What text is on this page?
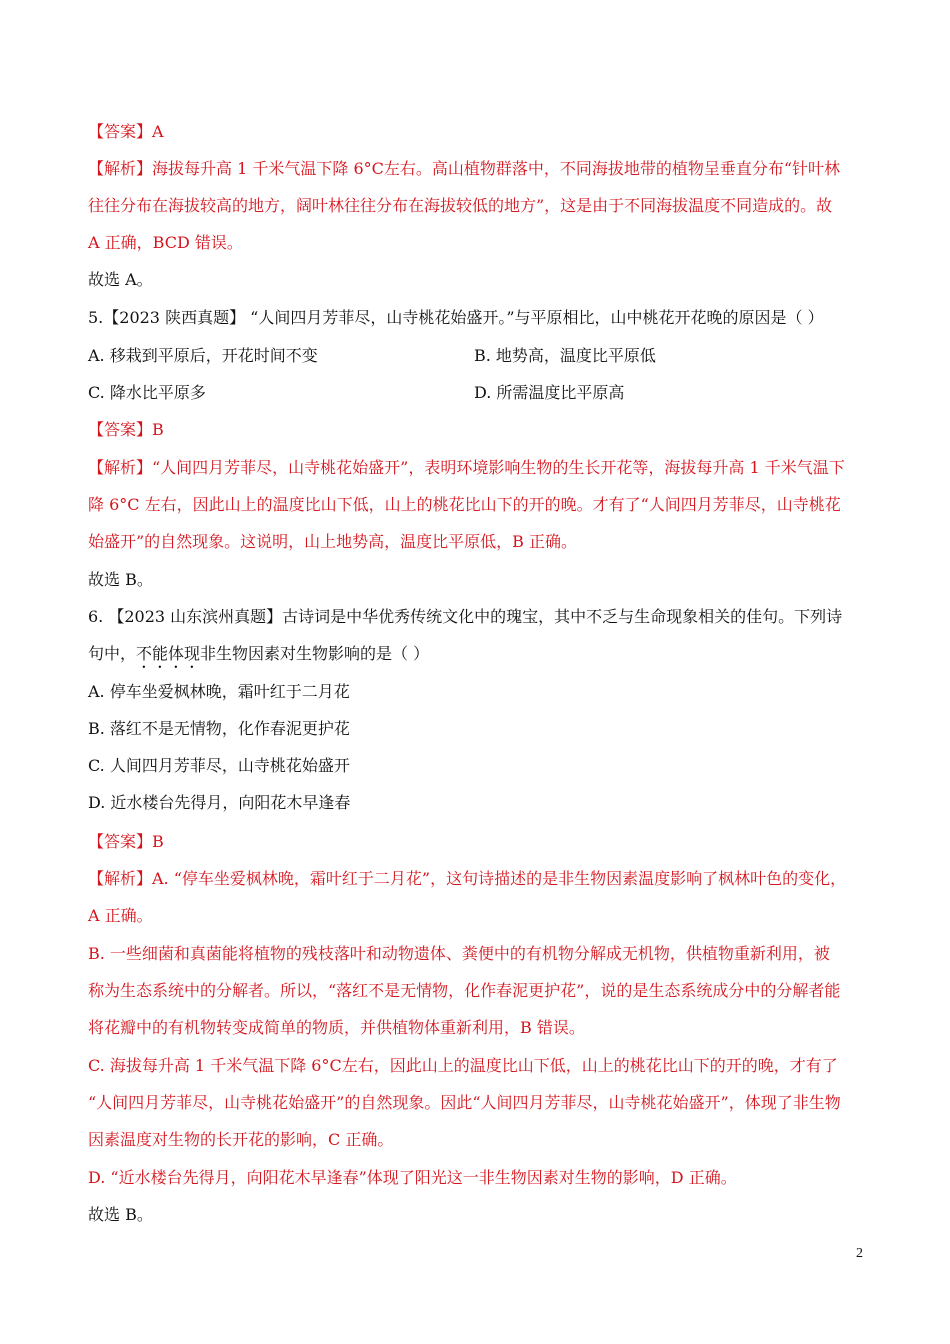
【答案】A
【解析】海拔每升高 1 千米气温下降 6°C左右。高山植物群落中，不同海拔地带的植物呈垂直分布“针叶林
往往分布在海拔较高的地方，阔叶林往往分布在海拔较低的地方”，这是由于不同海拔温度不同造成的。故
A 正确，BCD 错误。
故选 A。
5.【2023 陕西真题】 “人间四月芳菲尽，山寺桃花始盛开。”与平原相比，山中桃花开花晚的原因是（ ）
A. 移栽到平原后，开花时间不变	B. 地势高，温度比平原低
C. 降水比平原多	D. 所需温度比平原高
【答案】B
【解析】“人间四月芳菲尽，山寺桃花始盛开”，表明环境影响生物的生长开花等，海拔每升高 1 千米气温下
降 6°C 左右，因此山上的温度比山下低，山上的桃花比山下的开的晚。才有了“人间四月芳菲尽，山寺桃花
始盛开”的自然现象。这说明，山上地势高，温度比平原低，B 正确。
故选 B。
6. 【2023 山东滨州真题】古诗词是中华优秀传统文化中的瑰宝，其中不乏与生命现象相关的佳句。下列诗
句中，不能体现非生物因素对生物影响的是（ ）
A. 停车坐爱枫林晚，霜叶红于二月花
B. 落红不是无情物，化作春泥更护花
C. 人间四月芳菲尽，山寺桃花始盛开
D. 近水楼台先得月，向阳花木早逢春
【答案】B
【解析】A. “停车坐爱枫林晚，霜叶红于二月花”，这句诗描述的是非生物因素温度影响了枫林叶色的变化，
A 正确。
B. 一些细菌和真菌能将植物的残枝落叶和动物遗体、粪便中的有机物分解成无机物，供植物重新利用，被
称为生态系统中的分解者。所以，“落红不是无情物，化作春泥更护花”，说的是生态系统成分中的分解者能
将花瓣中的有机物转变成简单的物质，并供植物体重新利用，B 错误。
C. 海拔每升高 1 千米气温下降 6°C左右，因此山上的温度比山下低，山上的桃花比山下的开的晚，才有了
“人间四月芳菲尽，山寺桃花始盛开”的自然现象。因此“人间四月芳菲尽，山寺桃花始盛开”，体现了非生物
因素温度对生物的长开花的影响，C 正确。
D. “近水楼台先得月，向阳花木早逢春”体现了阳光这一非生物因素对生物的影响，D 正确。
故选 B。
2
